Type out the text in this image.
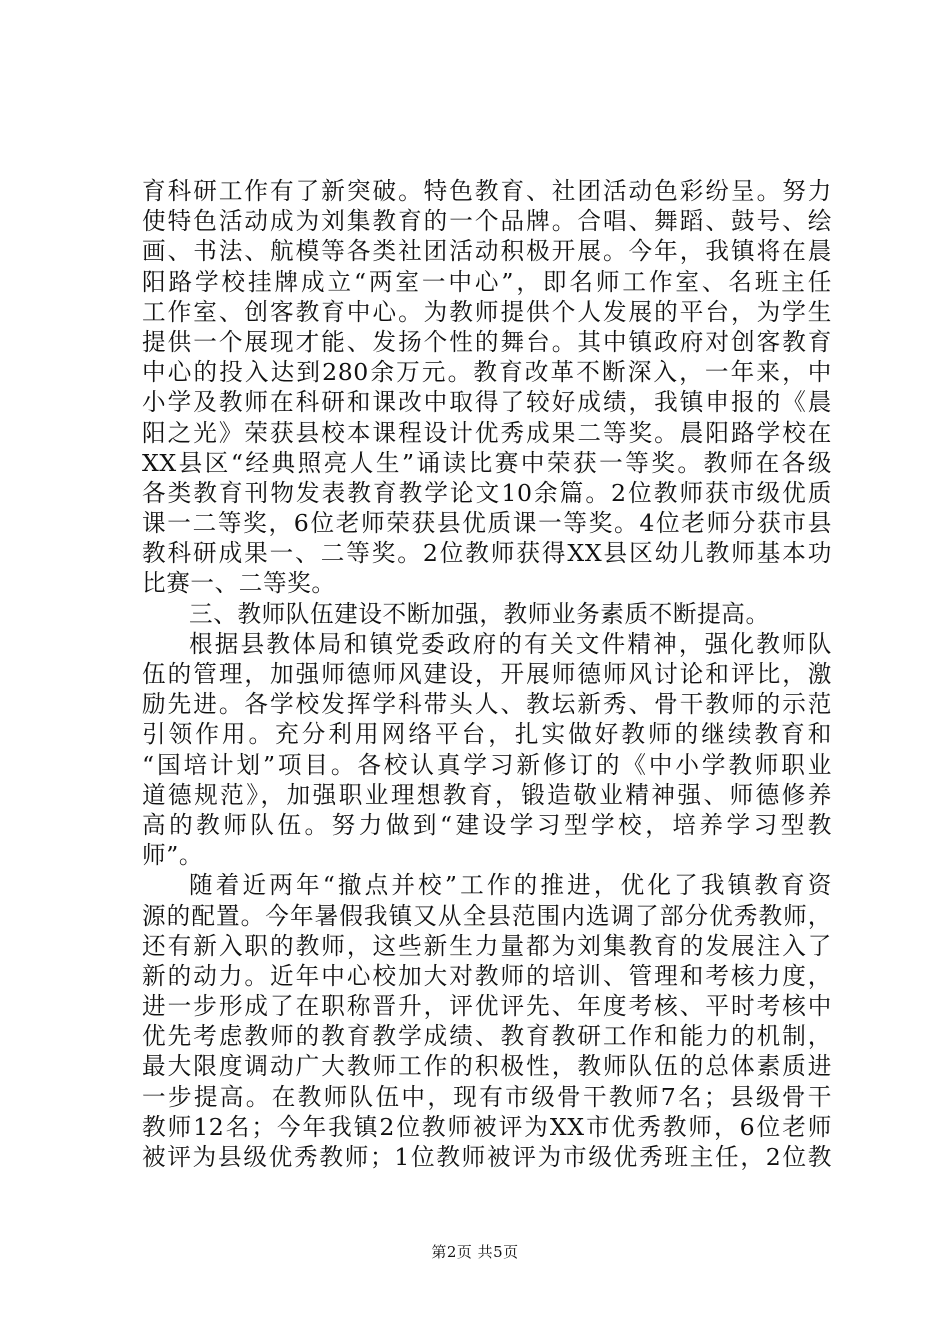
育科研工作有了新突破。特色教育、社团活动色彩纷呈。努力
使特色活动成为刘集教育的一个品牌。合唱、舞蹈、鼓号、绘
画、书法、航模等各类社团活动积极开展。今年，我镇将在晨
阳路学校挂牌成立“两室一中心”，即名师工作室、名班主任
工作室、创客教育中心。为教师提供个人发展的平台，为学生
提供一个展现才能、发扬个性的舞台。其中镇政府对创客教育
中心的投入达到280余万元。教育改革不断深入，一年来，中
小学及教师在科研和课改中取得了较好成绩，我镇申报的《晨
阳之光》荣获县校本课程设计优秀成果二等奖。晨阳路学校在
XX县区“经典照亮人生”诵读比赛中荣获一等奖。教师在各级
各类教育刊物发表教育教学论文10余篇。2位教师获市级优质
课一二等奖，6位老师荣获县优质课一等奖。4位老师分获市县
教科研成果一、二等奖。2位教师获得XX县区幼儿教师基本功
比赛一、二等奖。
三、教师队伍建设不断加强，教师业务素质不断提高。
根据县教体局和镇党委政府的有关文件精神，强化教师队
伍的管理，加强师德师风建设，开展师德师风讨论和评比，激
励先进。各学校发挥学科带头人、教坛新秀、骨干教师的示范
引领作用。充分利用网络平台，扎实做好教师的继续教育和
“国培计划”项目。各校认真学习新修订的《中小学教师职业
道德规范》，加强职业理想教育，锻造敬业精神强、师德修养
高的教师队伍。努力做到“建设学习型学校，培养学习型教
师”。
随着近两年“撤点并校”工作的推进，优化了我镇教育资
源的配置。今年暑假我镇又从全县范围内选调了部分优秀教师，
还有新入职的教师，这些新生力量都为刘集教育的发展注入了
新的动力。近年中心校加大对教师的培训、管理和考核力度，
进一步形成了在职称晋升，评优评先、年度考核、平时考核中
优先考虑教师的教育教学成绩、教育教研工作和能力的机制，
最大限度调动广大教师工作的积极性，教师队伍的总体素质进
一步提高。在教师队伍中，现有市级骨干教师7名；县级骨干
教师12名；今年我镇2位教师被评为XX市优秀教师，6位老师
被评为县级优秀教师；1位教师被评为市级优秀班主任，2位教
第2页 共5页
